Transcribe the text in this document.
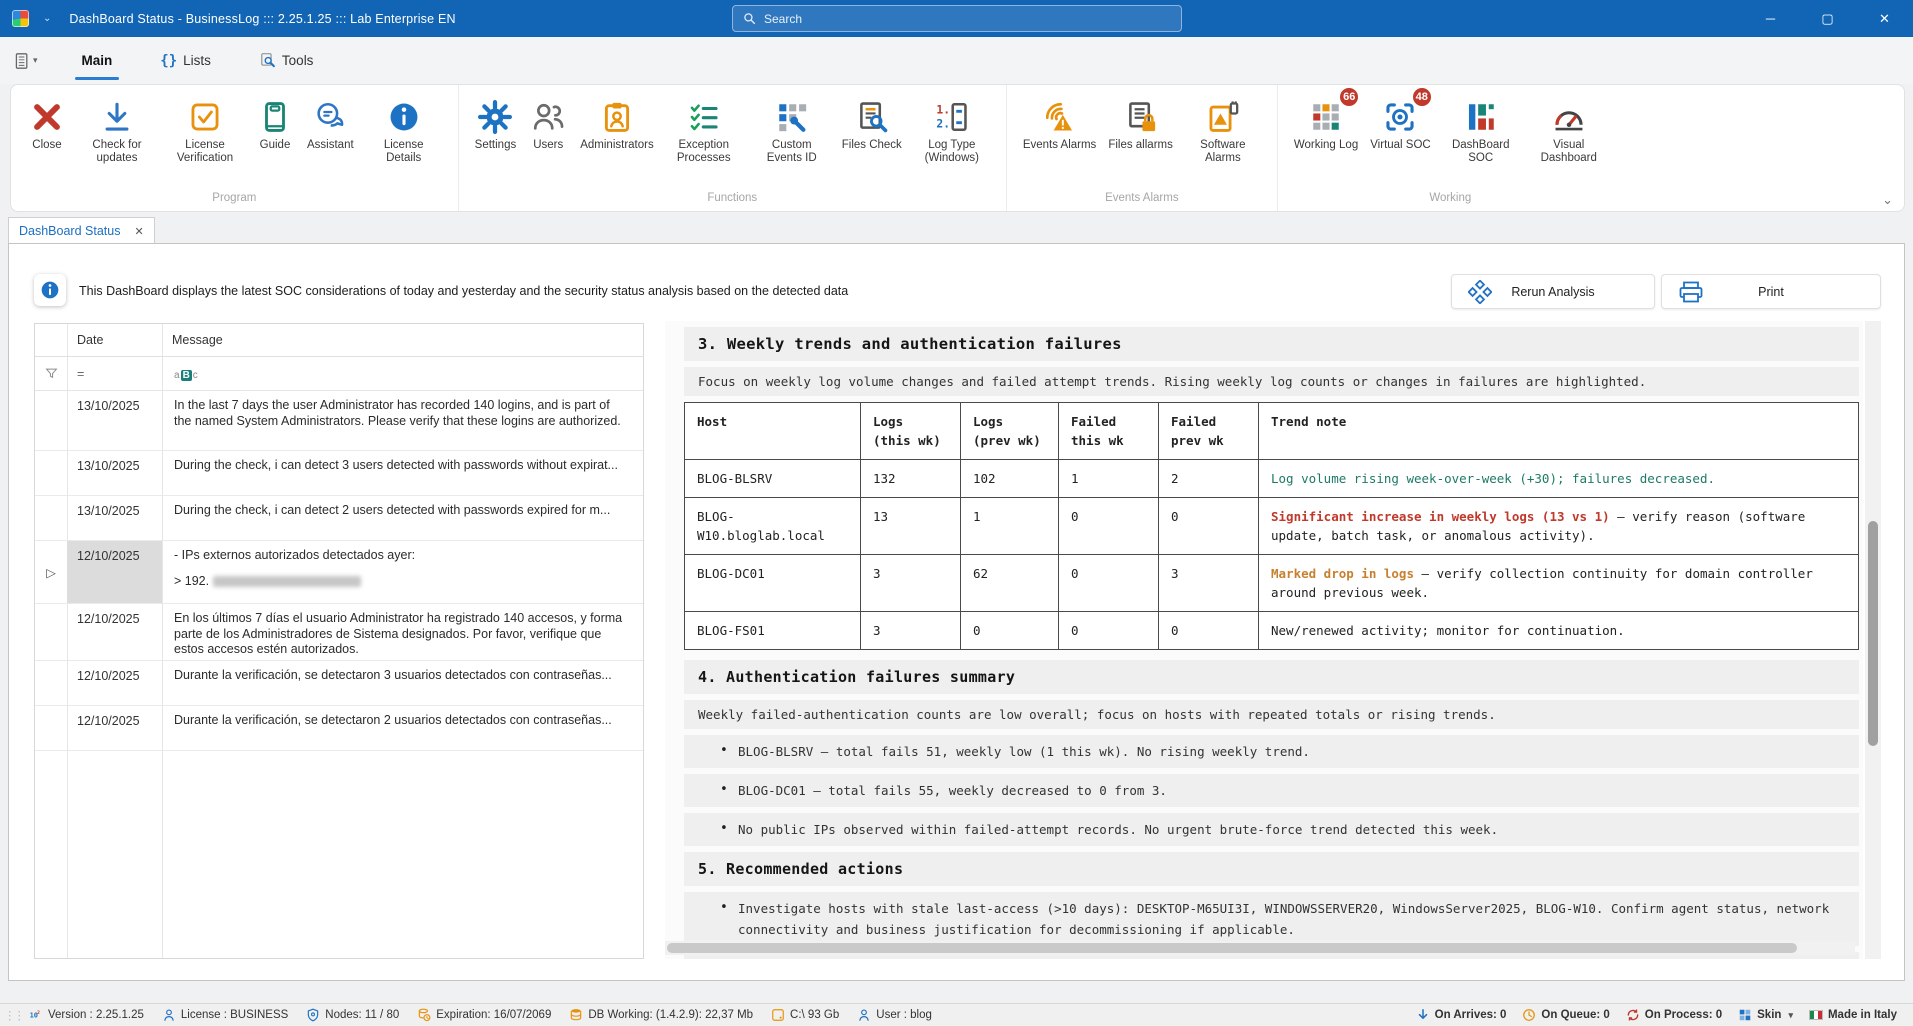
⌄ DashBoard Status - BusinessLog ::: 2.25.1.25 ::: Lab Enterprise EN	Search	─	▢	✕
▾	Main	{} Lists	Tools
Close	Check for updates
License Verification
Guide Assistant	License Details
Program
Settings Users Administrators	Exception Processes
Custom Events ID
Files Check
1.
2.
Log Type (Windows)
Functions
Events Alarms Files allarms	Software Alarms
Events Alarms
66
Working Log
48
Virtual SOC	DashBoard SOC
Visual Dashboard
Working	⌄
DashBoard Status ✕
This DashBoard displays the latest SOC considerations of today and yesterday and the security status analysis based on the detected data	Rerun Analysis	Print
Date	Message
=	a B c
13/10/2025	In the last 7 days the user Administrator has recorded 140 logins, and is part of the named System Administrators. Please verify that these logins are authorized.
13/10/2025	During the check, i can detect 3 users detected with passwords without expirat...
13/10/2025	During the check, i can detect 2 users detected with passwords expired for m...
▷
12/10/2025	- IPs externos autorizados detectados ayer:
> 192.
12/10/2025	En los últimos 7 días el usuario Administrator ha registrado 140 accesos, y forma parte de los Administradores de Sistema designados. Por favor, verifique que estos accesos estén autorizados.
12/10/2025	Durante la verificación, se detectaron 3 usuarios detectados con contraseñas...
12/10/2025	Durante la verificación, se detectaron 2 usuarios detectados con contraseñas...
3. Weekly trends and authentication failures
Focus on weekly log volume changes and failed attempt trends. Rising weekly log counts or changes in failures are highlighted.
Host	Logs (this wk)	Logs (prev wk)	Failed this wk	Failed prev wk	Trend note
BLOG-BLSRV	132	102	1	2	Log volume rising week-over-week (+30); failures decreased.
BLOG-W10.bloglab.local	13	1	0	0	Significant increase in weekly logs (13 vs 1) — verify reason (software update, batch task, or anomalous activity).
BLOG-DC01	3	62	0	3	Marked drop in logs — verify collection continuity for domain controller around previous week.
BLOG-FS01	3	0	0	0	New/renewed activity; monitor for continuation.
4. Authentication failures summary
Weekly failed-authentication counts are low overall; focus on hosts with repeated totals or rising trends.
• BLOG-BLSRV — total fails 51, weekly low (1 this wk). No rising weekly trend.
• BLOG-DC01 — total fails 55, weekly decreased to 0 from 3.
• No public IPs observed within failed-attempt records. No urgent brute-force trend detected this week.
5. Recommended actions
• Investigate hosts with stale last-access (>10 days): DESKTOP-M65UI3I, WINDOWSSERVER20, WindowsServer2025, BLOG-W10. Confirm agent status, network connectivity and business justification for decommissioning if applicable.
•
⋮⋮ 10 2 Version : 2.25.1.25	License : BUSINESS	Nodes: 11 / 80	Expiration: 16/07/2069	DB Working: (1.4.2.9): 22,37 Mb	C:\ 93 Gb	User : blog	On Arrives: 0	On Queue: 0	On Process: 0	Skin ▾	Made in Italy
